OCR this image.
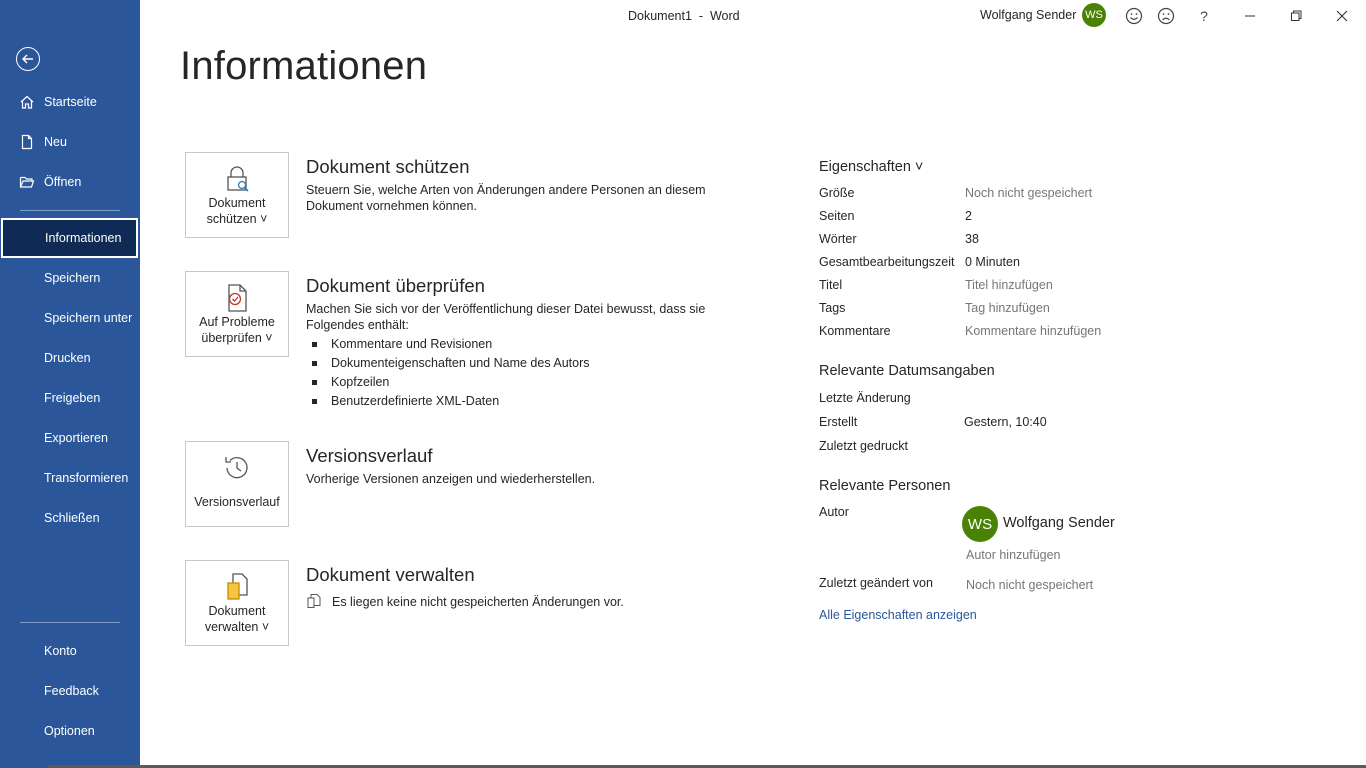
Startseite
Neu
Öffnen
Informationen
Speichern
Speichern unter
Drucken
Freigeben
Exportieren
Transformieren
Schließen
Konto
Feedback
Optionen
Dokument1  -  Word	Wolfgang Sender WS	?
Informationen
Dokument
schützen ˅
Dokument schützen

Steuern Sie, welche Arten von Änderungen andere Personen an diesem Dokument vornehmen können.

Auf Probleme
überprüfen ˅
Dokument überprüfen

Machen Sie sich vor der Veröffentlichung dieser Datei bewusst, dass sie Folgendes enthält:

Kommentare und Revisionen
Dokumenteigenschaften und Name des Autors
Kopfzeilen
Benutzerdefinierte XML-Daten
Versionsverlauf
Versionsverlauf

Vorherige Versionen anzeigen und wiederherstellen.

Dokument
verwalten ˅
Dokument verwalten

Es liegen keine nicht gespeicherten Änderungen vor.

Eigenschaften ˅
Größe	Noch nicht gespeichert
Seiten	2
Wörter	38
Gesamtbearbeitungszeit 0 Minuten
Titel	Titel hinzufügen
Tags	Tag hinzufügen
Kommentare	Kommentare hinzufügen
Relevante Datumsangaben
Letzte Änderung
Erstellt	Gestern, 10:40
Zuletzt gedruckt
Relevante Personen
Autor
WS Wolfgang Sender
Autor hinzufügen
Zuletzt geändert von	Noch nicht gespeichert
Alle Eigenschaften anzeigen
